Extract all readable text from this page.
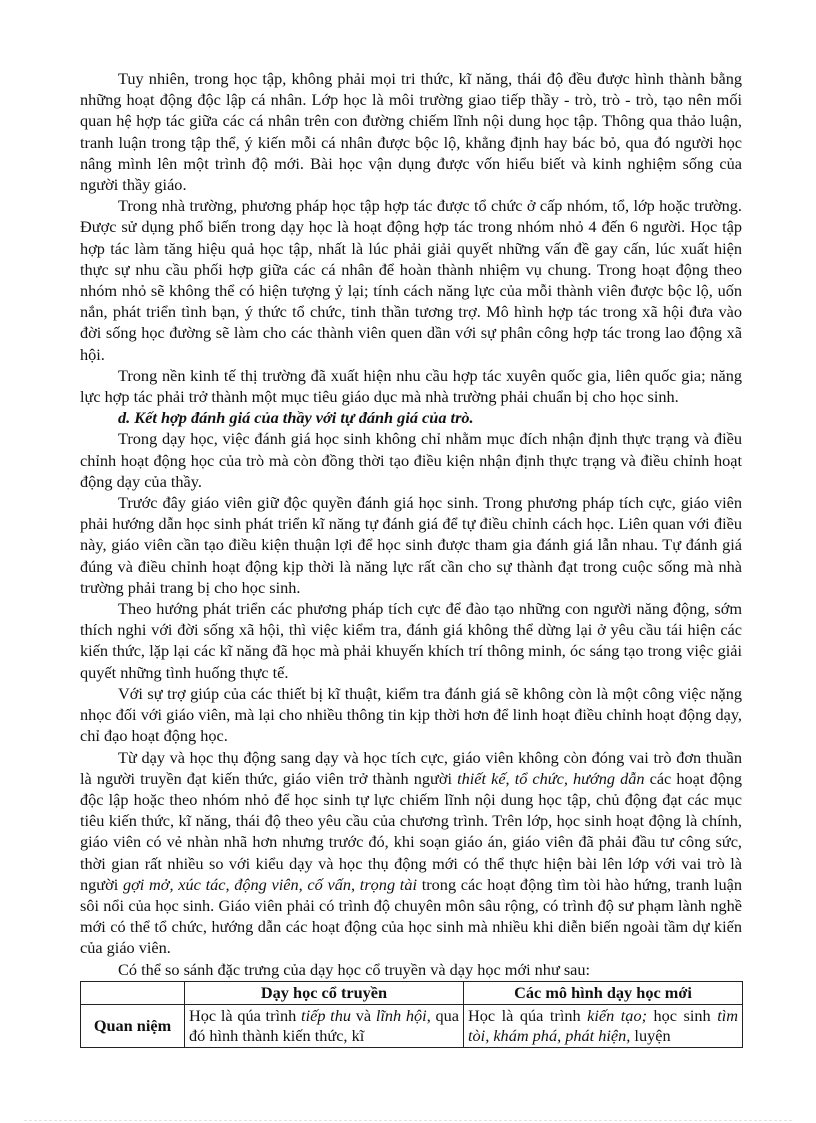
Tuy nhiên, trong học tập, không phải mọi tri thức, kĩ năng, thái độ đều được hình thành bằng những hoạt động độc lập cá nhân. Lớp học là môi trường giao tiếp thầy - trò, trò - trò, tạo nên mối quan hệ hợp tác giữa các cá nhân trên con đường chiếm lĩnh nội dung học tập. Thông qua thảo luận, tranh luận trong tập thể, ý kiến mỗi cá nhân được bộc lộ, khẳng định hay bác bỏ, qua đó người học nâng mình lên một trình độ mới. Bài học vận dụng được vốn hiểu biết và kinh nghiệm sống của người thầy giáo.

Trong nhà trường, phương pháp học tập hợp tác được tổ chức ở cấp nhóm, tổ, lớp hoặc trường. Được sử dụng phổ biến trong dạy học là hoạt động hợp tác trong nhóm nhỏ 4 đến 6 người. Học tập hợp tác làm tăng hiệu quả học tập, nhất là lúc phải giải quyết những vấn đề gay cấn, lúc xuất hiện thực sự nhu cầu phối hợp giữa các cá nhân để hoàn thành nhiệm vụ chung. Trong hoạt động theo nhóm nhỏ sẽ không thể có hiện tượng ỷ lại; tính cách năng lực của mỗi thành viên được bộc lộ, uốn nắn, phát triển tình bạn, ý thức tổ chức, tinh thần tương trợ. Mô hình hợp tác trong xã hội đưa vào đời sống học đường sẽ làm cho các thành viên quen dần với sự phân công hợp tác trong lao động xã hội.

Trong nền kinh tế thị trường đã xuất hiện nhu cầu hợp tác xuyên quốc gia, liên quốc gia; năng lực hợp tác phải trở thành một mục tiêu giáo dục mà nhà trường phải chuẩn bị cho học sinh.

d. Kết hợp đánh giá của thầy với tự đánh giá của trò.

Trong dạy học, việc đánh giá học sinh không chỉ nhằm mục đích nhận định thực trạng và điều chỉnh hoạt động học của trò mà còn đồng thời tạo điều kiện nhận định thực trạng và điều chỉnh hoạt động dạy của thầy.

Trước đây giáo viên giữ độc quyền đánh giá học sinh. Trong phương pháp tích cực, giáo viên phải hướng dẫn học sinh phát triển kĩ năng tự đánh giá để tự điều chỉnh cách học. Liên quan với điều này, giáo viên cần tạo điều kiện thuận lợi để học sinh được tham gia đánh giá lẫn nhau. Tự đánh giá đúng và điều chỉnh hoạt động kịp thời là năng lực rất cần cho sự thành đạt trong cuộc sống mà nhà trường phải trang bị cho học sinh.

Theo hướng phát triển các phương pháp tích cực để đào tạo những con người năng động, sớm thích nghi với đời sống xã hội, thì việc kiểm tra, đánh giá không thể dừng lại ở yêu cầu tái hiện các kiến thức, lặp lại các kĩ năng đã học mà phải khuyến khích trí thông minh, óc sáng tạo trong việc giải quyết những tình huống thực tế.

Với sự trợ giúp của các thiết bị kĩ thuật, kiểm tra đánh giá sẽ không còn là một công việc nặng nhọc đối với giáo viên, mà lại cho nhiều thông tin kịp thời hơn để linh hoạt điều chỉnh hoạt động dạy, chỉ đạo hoạt động học.

Từ dạy và học thụ động sang dạy và học tích cực, giáo viên không còn đóng vai trò đơn thuần là người truyền đạt kiến thức, giáo viên trở thành người thiết kế, tổ chức, hướng dẫn các hoạt động độc lập hoặc theo nhóm nhỏ để học sinh tự lực chiếm lĩnh nội dung học tập, chủ động đạt các mục tiêu kiến thức, kĩ năng, thái độ theo yêu cầu của chương trình. Trên lớp, học sinh hoạt động là chính, giáo viên có vẻ nhàn nhã hơn nhưng trước đó, khi soạn giáo án, giáo viên đã phải đầu tư công sức, thời gian rất nhiều so với kiểu dạy và học thụ động mới có thể thực hiện bài lên lớp với vai trò là người gợi mở, xúc tác, động viên, cố vấn, trọng tài trong các hoạt động tìm tòi hào hứng, tranh luận sôi nổi của học sinh. Giáo viên phải có trình độ chuyên môn sâu rộng, có trình độ sư phạm lành nghề mới có thể tổ chức, hướng dẫn các hoạt động của học sinh mà nhiều khi diễn biến ngoài tầm dự kiến của giáo viên.

Có thể so sánh đặc trưng của dạy học cổ truyền và dạy học mới như sau:

	Dạy học cổ truyền	Các mô hình dạy học mới
Quan niệm	Học là qúa trình tiếp thu và lĩnh hội, qua đó hình thành kiến thức, kĩ	Học là qúa trình kiến tạo; học sinh tìm tòi, khám phá, phát hiện, luyện
